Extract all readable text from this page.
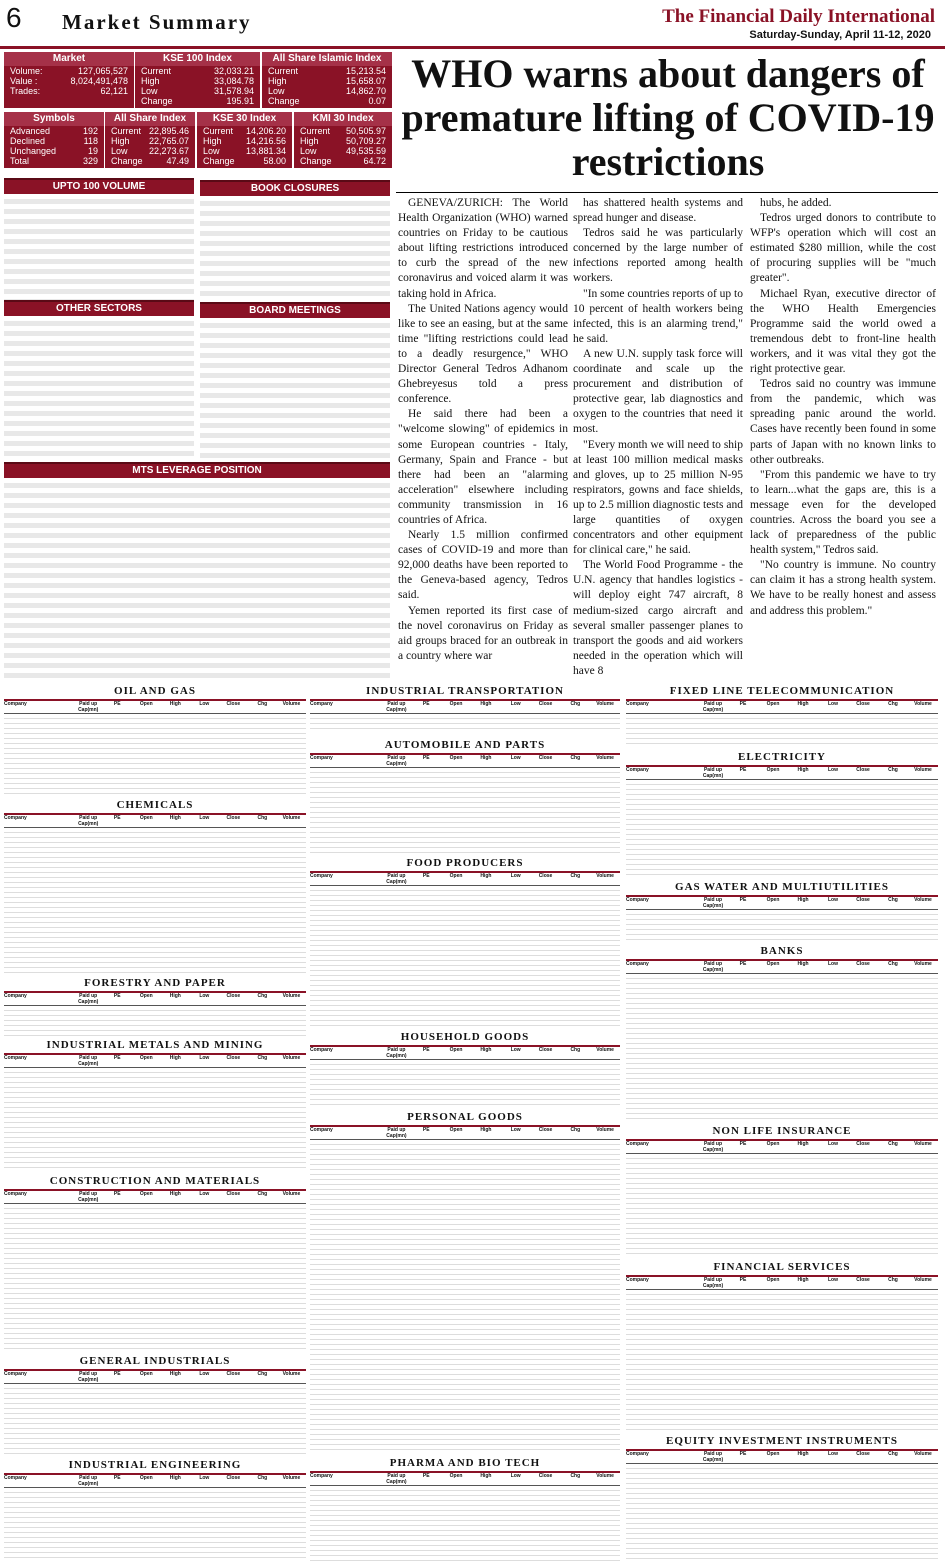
6 Market Summary	The Financial Daily International
Saturday-Sunday, April 11-12, 2020
Market
Volume:	127,065,527
Value :	8,024,491,478
Trades:	62,121
KSE 100 Index
Current	32,033.21
High	33,084.78
Low	31,578.94
Change	195.91
All Share Islamic Index
Current	15,213.54
High	15,658.07
Low	14,862.70
Change	0.07
Symbols
Advanced	192
Declined	118
Unchanged	19
Total	329
All Share Index
Current 22,895.46
High 22,765.07
Low 22,273.67
Change	47.49
KSE 30 Index
Current 14,206.20
High	14,216.56
Low	13,881.34
Change	58.00
KMI 30 Index
Current 50,505.97
High	50,709.27
Low	49,535.59
Change	64.72
UPTO 100 VOLUME
OTHER SECTORS
BOOK CLOSURES
BOARD MEETINGS
MTS LEVERAGE POSITION
WHO warns about dangers of premature lifting of COVID-19 restrictions

GENEVA/ZURICH: The World Health Organization (WHO) warned countries on Friday to be cautious about lifting restrictions introduced to curb the spread of the new coronavirus and voiced alarm it was taking hold in Africa.

The United Nations agency would like to see an easing, but at the same time "lifting restrictions could lead to a deadly resurgence," WHO Director General Tedros Adhanom Ghebreyesus told a press conference.

He said there had been a "welcome slowing" of epidemics in some European countries - Italy, Germany, Spain and France - but there had been an "alarming acceleration" elsewhere including community transmission in 16 countries of Africa.

Nearly 1.5 million confirmed cases of COVID-19 and more than 92,000 deaths have been reported to the Geneva-based agency, Tedros said.

Yemen reported its first case of the novel coronavirus on Friday as aid groups braced for an outbreak in a country where war

has shattered health systems and spread hunger and disease.

Tedros said he was particularly concerned by the large number of infections reported among health workers.

"In some countries reports of up to 10 percent of health workers being infected, this is an alarming trend," he said.

A new U.N. supply task force will coordinate and scale up the procurement and distribution of protective gear, lab diagnostics and oxygen to the countries that need it most.

"Every month we will need to ship at least 100 million medical masks and gloves, up to 25 million N-95 respirators, gowns and face shields, up to 2.5 million diagnostic tests and large quantities of oxygen concentrators and other equipment for clinical care," he said.

The World Food Programme - the U.N. agency that handles logistics - will deploy eight 747 aircraft, 8 medium-sized cargo aircraft and several smaller passenger planes to transport the goods and aid workers needed in the operation which will have 8

hubs, he added.

Tedros urged donors to contribute to WFP's operation which will cost an estimated $280 million, while the cost of procuring supplies will be "much greater".

Michael Ryan, executive director of the WHO Health Emergencies Programme said the world owed a tremendous debt to front-line health workers, and it was vital they got the right protective gear.

Tedros said no country was immune from the pandemic, which was spreading panic around the world. Cases have recently been found in some parts of Japan with no known links to other outbreaks.

"From this pandemic we have to try to learn...what the gaps are, this is a message even for the developed countries. Across the board you see a lack of preparedness of the public health system," Tedros said.

"No country is immune. No country can claim it has a strong health system. We have to be really honest and assess and address this problem."

OIL AND GAS
Company	Paid up Cap(mn)
PE	Open	High	Low	Close	Chg	Volume
CHEMICALS
Company	Paid up Cap(mn)
PE	Open	High	Low	Close	Chg	Volume
FORESTRY AND PAPER
Company	Paid up Cap(mn)
PE	Open	High	Low	Close	Chg	Volume
INDUSTRIAL METALS AND MINING
Company	Paid up Cap(mn)
PE	Open	High	Low	Close	Chg	Volume
CONSTRUCTION AND MATERIALS
Company	Paid up Cap(mn)
PE	Open	High	Low	Close	Chg	Volume
GENERAL INDUSTRIALS
Company	Paid up Cap(mn)
PE	Open	High	Low	Close	Chg	Volume
INDUSTRIAL ENGINEERING
Company	Paid up Cap(mn)
PE	Open	High	Low	Close	Chg	Volume
INDUSTRIAL TRANSPORTATION
Company	Paid up Cap(mn)
PE	Open	High	Low	Close	Chg	Volume
AUTOMOBILE AND PARTS
Company	Paid up Cap(mn)
PE	Open	High	Low	Close	Chg	Volume
FOOD PRODUCERS
Company	Paid up Cap(mn)
PE	Open	High	Low	Close	Chg	Volume
HOUSEHOLD GOODS
Company	Paid up Cap(mn)
PE	Open	High	Low	Close	Chg	Volume
PERSONAL GOODS
Company	Paid up Cap(mn)
PE	Open	High	Low	Close	Chg	Volume
PHARMA AND BIO TECH
Company	Paid up Cap(mn)
PE	Open	High	Low	Close	Chg	Volume
FIXED LINE TELECOMMUNICATION
Company	Paid up Cap(mn)
PE	Open	High	Low	Close	Chg	Volume
ELECTRICITY
Company	Paid up Cap(mn)
PE	Open	High	Low	Close	Chg	Volume
GAS WATER AND MULTIUTILITIES
Company	Paid up Cap(mn)
PE	Open	High	Low	Close	Chg	Volume
BANKS
Company	Paid up Cap(mn)
PE	Open	High	Low	Close	Chg	Volume
NON LIFE INSURANCE
Company	Paid up Cap(mn)
PE	Open	High	Low	Close	Chg	Volume
FINANCIAL SERVICES
Company	Paid up Cap(mn)
PE	Open	High	Low	Close	Chg	Volume
EQUITY INVESTMENT INSTRUMENTS
Company	Paid up Cap(mn)
PE	Open	High	Low	Close	Chg	Volume
